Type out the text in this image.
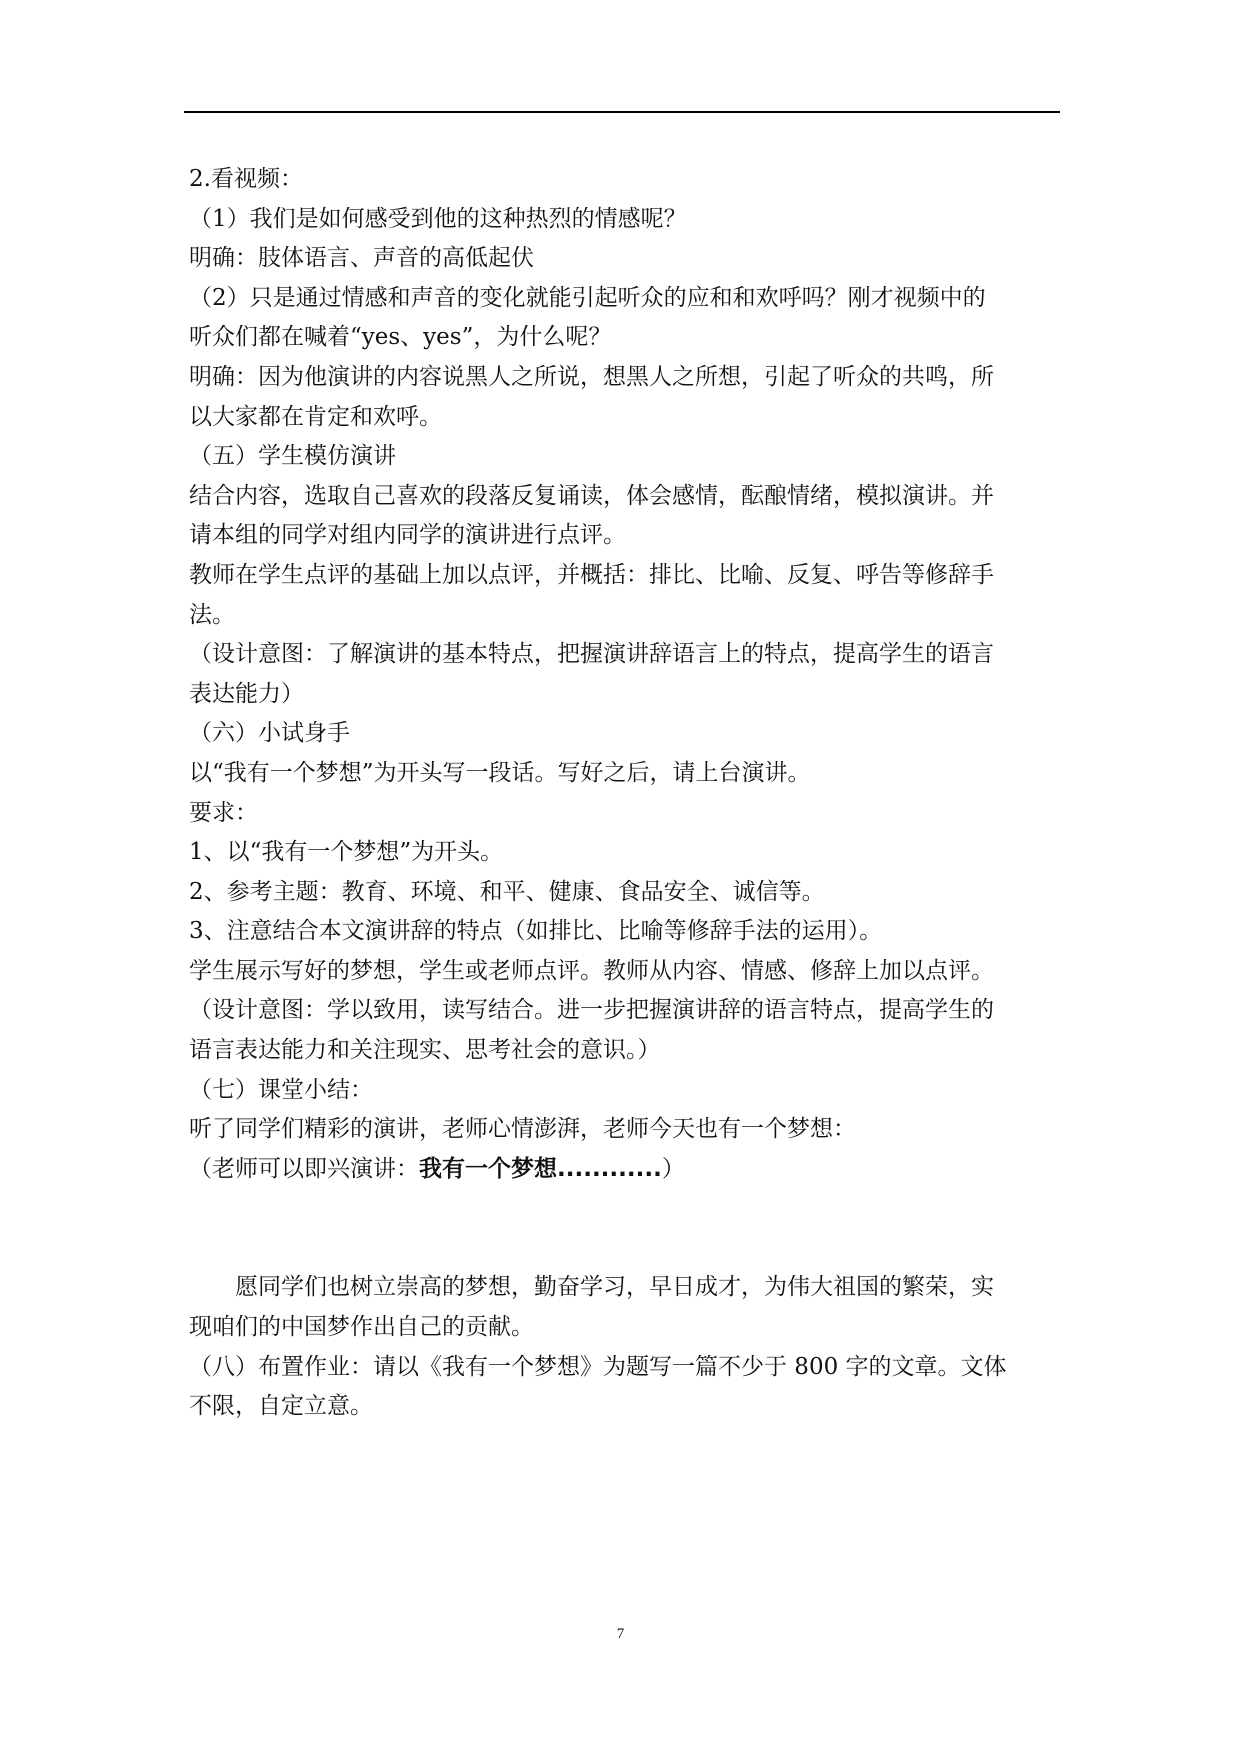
2.看视频：
（1）我们是如何感受到他的这种热烈的情感呢？
明确：肢体语言、声音的高低起伏
（2）只是通过情感和声音的变化就能引起听众的应和和欢呼吗？刚才视频中的
听众们都在喊着“yes、yes”，为什么呢？
明确：因为他演讲的内容说黑人之所说，想黑人之所想，引起了听众的共鸣，所
以大家都在肯定和欢呼。
（五）学生模仿演讲
结合内容，选取自己喜欢的段落反复诵读，体会感情，酝酿情绪，模拟演讲。并
请本组的同学对组内同学的演讲进行点评。
教师在学生点评的基础上加以点评，并概括：排比、比喻、反复、呼告等修辞手
法。
（设计意图：了解演讲的基本特点，把握演讲辞语言上的特点，提高学生的语言
表达能力）
（六）小试身手
以“我有一个梦想”为开头写一段话。写好之后，请上台演讲。
要求：
1、以“我有一个梦想”为开头。
2、参考主题：教育、环境、和平、健康、食品安全、诚信等。
3、注意结合本文演讲辞的特点（如排比、比喻等修辞手法的运用）。
学生展示写好的梦想，学生或老师点评。教师从内容、情感、修辞上加以点评。
（设计意图：学以致用，读写结合。进一步把握演讲辞的语言特点，提高学生的
语言表达能力和关注现实、思考社会的意识。）
（七）课堂小结：
听了同学们精彩的演讲，老师心情澎湃，老师今天也有一个梦想：
（老师可以即兴演讲：我有一个梦想............）
愿同学们也树立崇高的梦想，勤奋学习，早日成才，为伟大祖国的繁荣，实
现咱们的中国梦作出自己的贡献。
（八）布置作业：请以《我有一个梦想》为题写一篇不少于 800 字的文章。文体
不限，自定立意。
7
